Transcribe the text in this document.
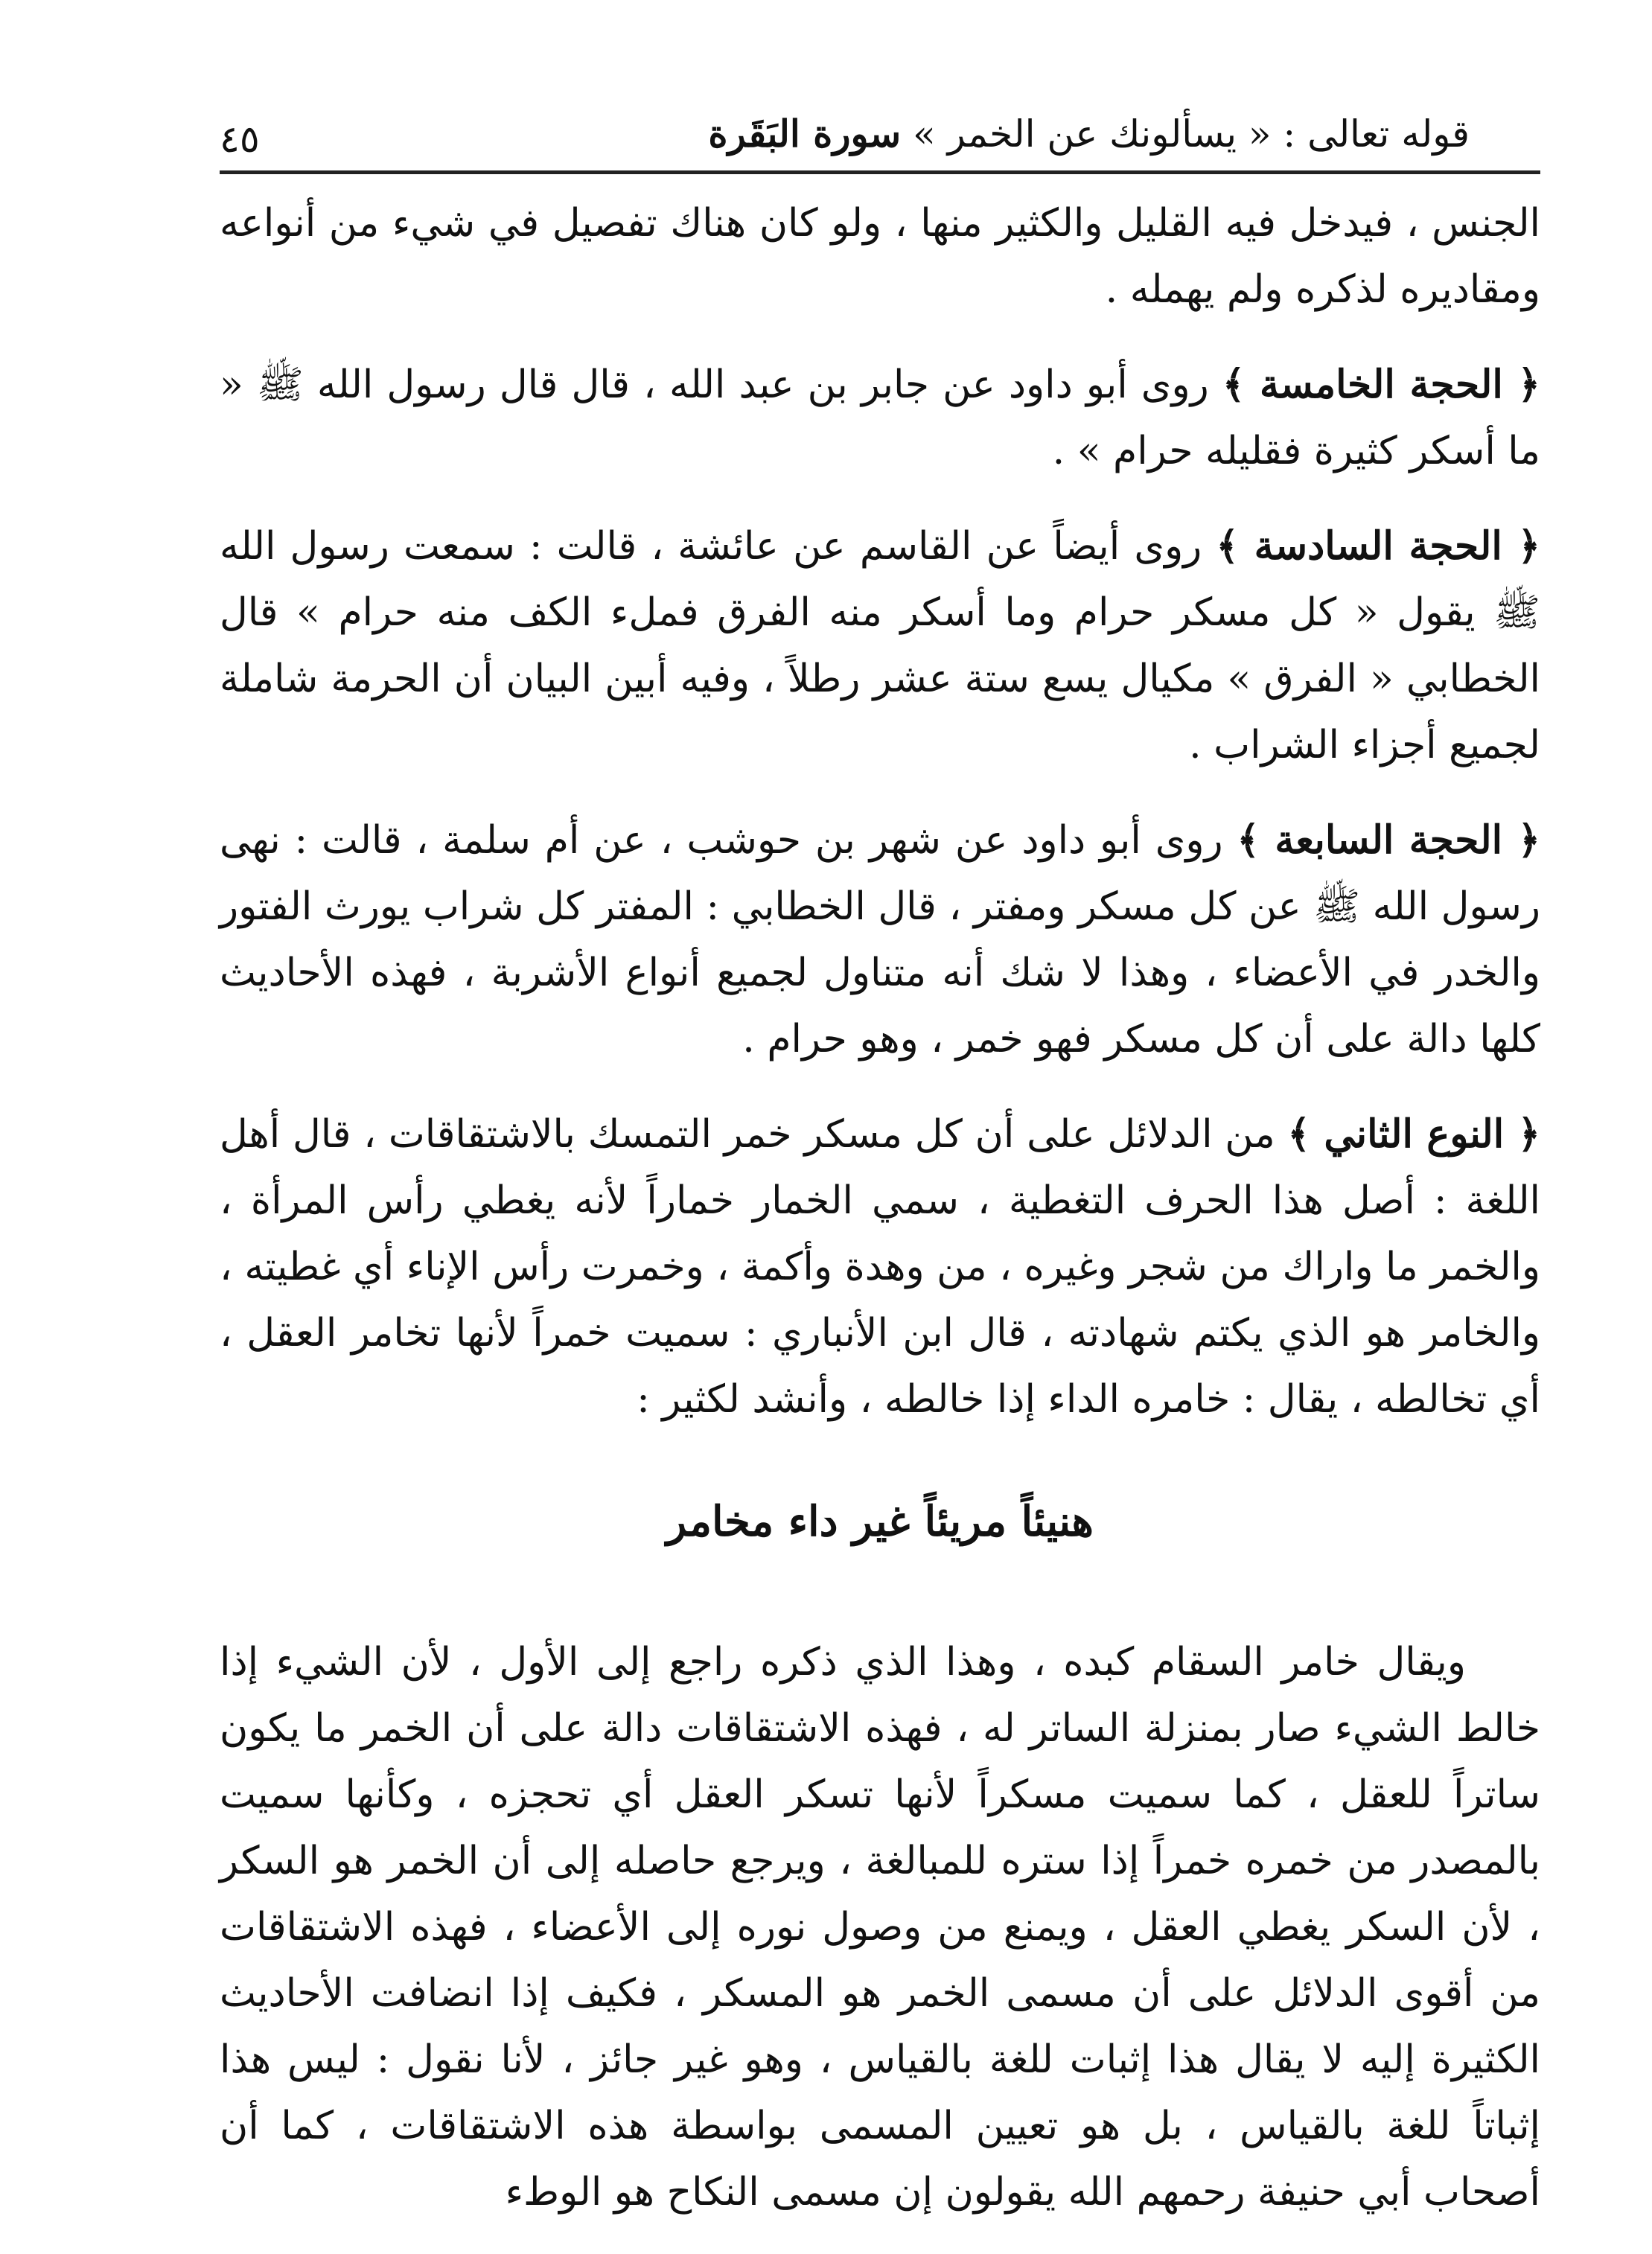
قوله تعالى : « يسألونك عن الخمر » سورة البَقَرة
٤٥

الجنس ، فيدخل فيه القليل والكثير منها ، ولو كان هناك تفصيل في شيء من أنواعه ومقاديره لذكره ولم يهمله .

﴿ الحجة الخامسة ﴾ روى أبو داود عن جابر بن عبد الله ، قال قال رسول الله ﷺ « ما أسكر كثيرة فقليله حرام » .

﴿ الحجة السادسة ﴾ روى أيضاً عن القاسم عن عائشة ، قالت : سمعت رسول الله ﷺ يقول « كل مسكر حرام وما أسكر منه الفرق فملء الكف منه حرام » قال الخطابي « الفرق » مكيال يسع ستة عشر رطلاً ، وفيه أبين البيان أن الحرمة شاملة لجميع أجزاء الشراب .

﴿ الحجة السابعة ﴾ روى أبو داود عن شهر بن حوشب ، عن أم سلمة ، قالت : نهى رسول الله ﷺ عن كل مسكر ومفتر ، قال الخطابي : المفتر كل شراب يورث الفتور والخدر في الأعضاء ، وهذا لا شك أنه متناول لجميع أنواع الأشربة ، فهذه الأحاديث كلها دالة على أن كل مسكر فهو خمر ، وهو حرام .

﴿ النوع الثاني ﴾ من الدلائل على أن كل مسكر خمر التمسك بالاشتقاقات ، قال أهل اللغة : أصل هذا الحرف التغطية ، سمي الخمار خماراً لأنه يغطي رأس المرأة ، والخمر ما واراك من شجر وغيره ، من وهدة وأكمة ، وخمرت رأس الإناء أي غطيته ، والخامر هو الذي يكتم شهادته ، قال ابن الأنباري : سميت خمراً لأنها تخامر العقل ، أي تخالطه ، يقال : خامره الداء إذا خالطه ، وأنشد لكثير :

هنيئاً مريئاً غير داء مخامر

ويقال خامر السقام كبده ، وهذا الذي ذكره راجع إلى الأول ، لأن الشيء إذا خالط الشيء صار بمنزلة الساتر له ، فهذه الاشتقاقات دالة على أن الخمر ما يكون ساتراً للعقل ، كما سميت مسكراً لأنها تسكر العقل أي تحجزه ، وكأنها سميت بالمصدر من خمره خمراً إذا ستره للمبالغة ، ويرجع حاصله إلى أن الخمر هو السكر ، لأن السكر يغطي العقل ، ويمنع من وصول نوره إلى الأعضاء ، فهذه الاشتقاقات من أقوى الدلائل على أن مسمى الخمر هو المسكر ، فكيف إذا انضافت الأحاديث الكثيرة إليه لا يقال هذا إثبات للغة بالقياس ، وهو غير جائز ، لأنا نقول : ليس هذا إثباتاً للغة بالقياس ، بل هو تعيين المسمى بواسطة هذه الاشتقاقات ، كما أن أصحاب أبي حنيفة رحمهم الله يقولون إن مسمى النكاح هو الوطء
